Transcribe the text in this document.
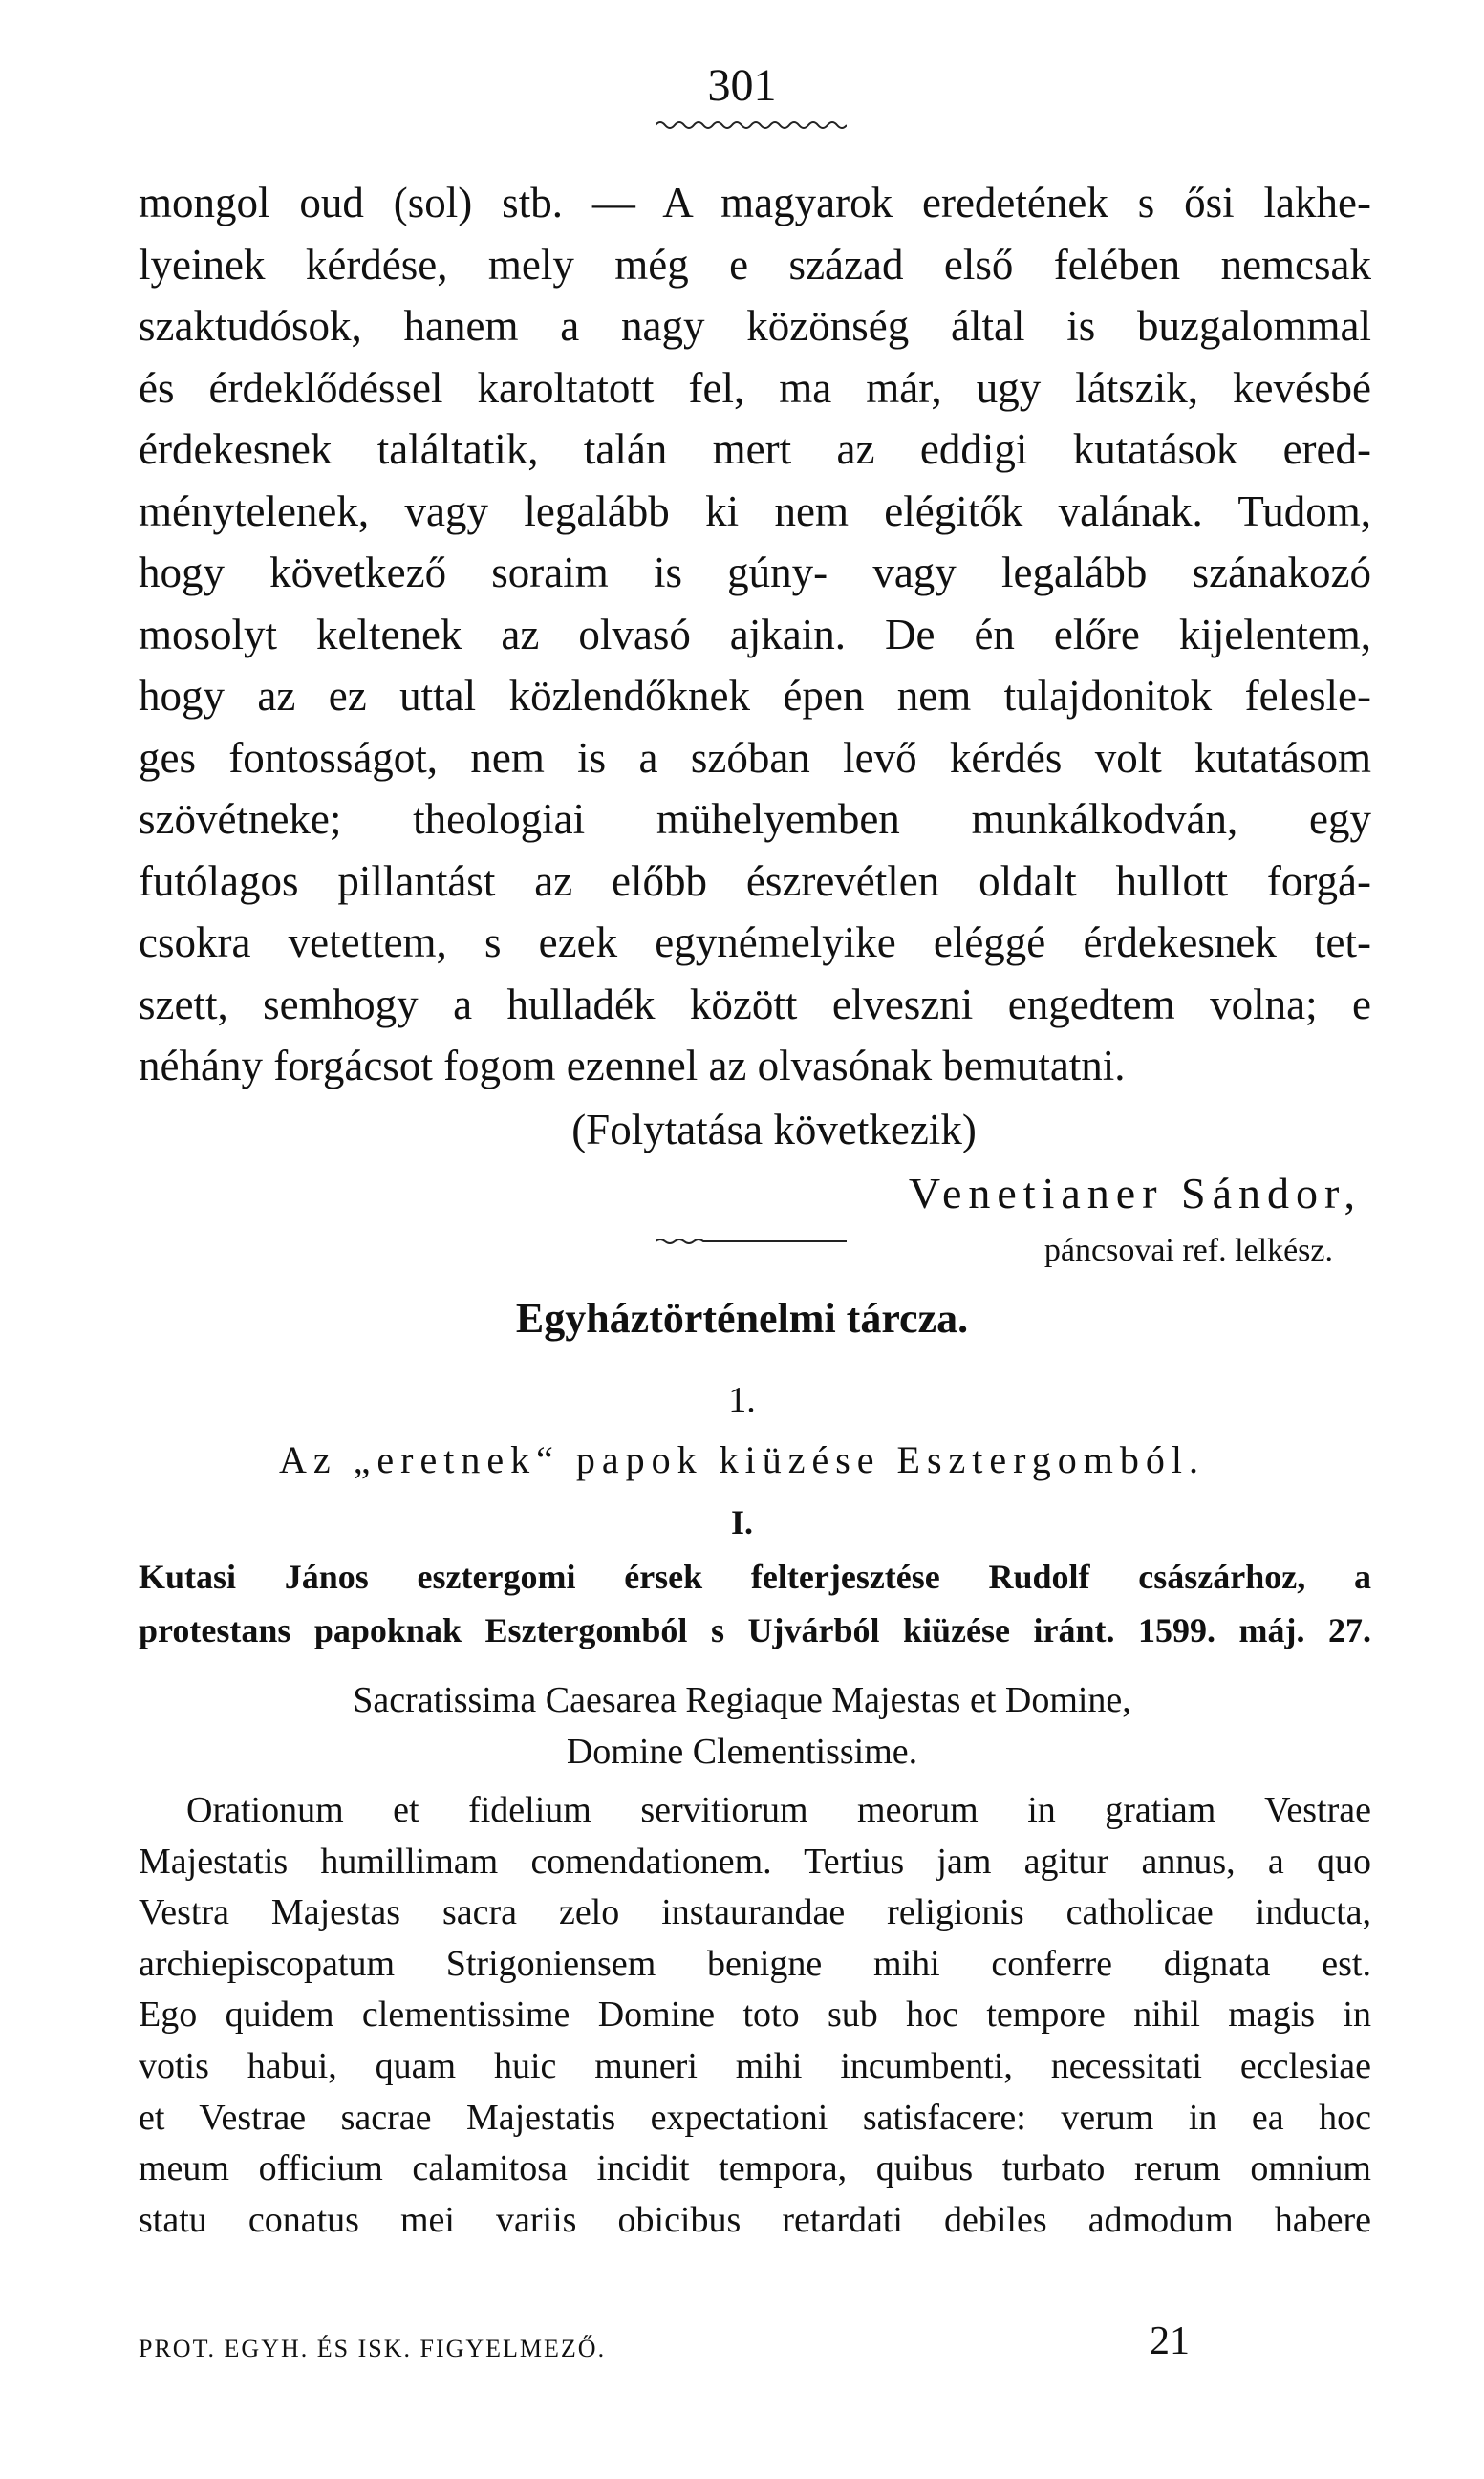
301
mongol oud (sol) stb. — A magyarok eredetének s ősi lakhe-
lyeinek kérdése, mely még e század első felében nemcsak
szaktudósok, hanem a nagy közönség által is buzgalommal
és érdeklődéssel karoltatott fel, ma már, ugy látszik, kevésbé
érdekesnek találtatik, talán mert az eddigi kutatások ered-
ménytelenek, vagy legalább ki nem elégitők valának. Tudom,
hogy következő soraim is gúny- vagy legalább szánakozó
mosolyt keltenek az olvasó ajkain. De én előre kijelentem,
hogy az ez uttal közlendőknek épen nem tulajdonitok felesle-
ges fontosságot, nem is a szóban levő kérdés volt kutatásom
szövétneke; theologiai mühelyemben munkálkodván, egy
futólagos pillantást az előbb észrevétlen oldalt hullott forgá-
csokra vetettem, s ezek egynémelyike eléggé érdekesnek tet-
szett, semhogy a hulladék között elveszni engedtem volna; e
néhány forgácsot fogom ezennel az olvasónak bemutatni.
(Folytatása következik)
Venetianer Sándor,
páncsovai ref. lelkész.
Egyháztörténelmi tárcza.
1.
Az „eretnek“ papok kiüzése Esztergomból.
I.
Kutasi János esztergomi érsek felterjesztése Rudolf császárhoz, a
protestans papoknak Esztergomból s Ujvárból kiüzése iránt. 1599. máj. 27.
Sacratissima Caesarea Regiaque Majestas et Domine,
Domine Clementissime.
Orationum et fidelium servitiorum meorum in gratiam Vestrae
Majestatis humillimam comendationem. Tertius jam agitur annus, a quo
Vestra Majestas sacra zelo instaurandae religionis catholicae inducta,
archiepiscopatum Strigoniensem benigne mihi conferre dignata est.
Ego quidem clementissime Domine toto sub hoc tempore nihil magis in
votis habui, quam huic muneri mihi incumbenti, necessitati ecclesiae
et Vestrae sacrae Majestatis expectationi satisfacere: verum in ea hoc
meum officium calamitosa incidit tempora, quibus turbato rerum omnium
statu conatus mei variis obicibus retardati debiles admodum habere
PROT. EGYH. ÉS ISK. FIGYELMEZŐ.	21
